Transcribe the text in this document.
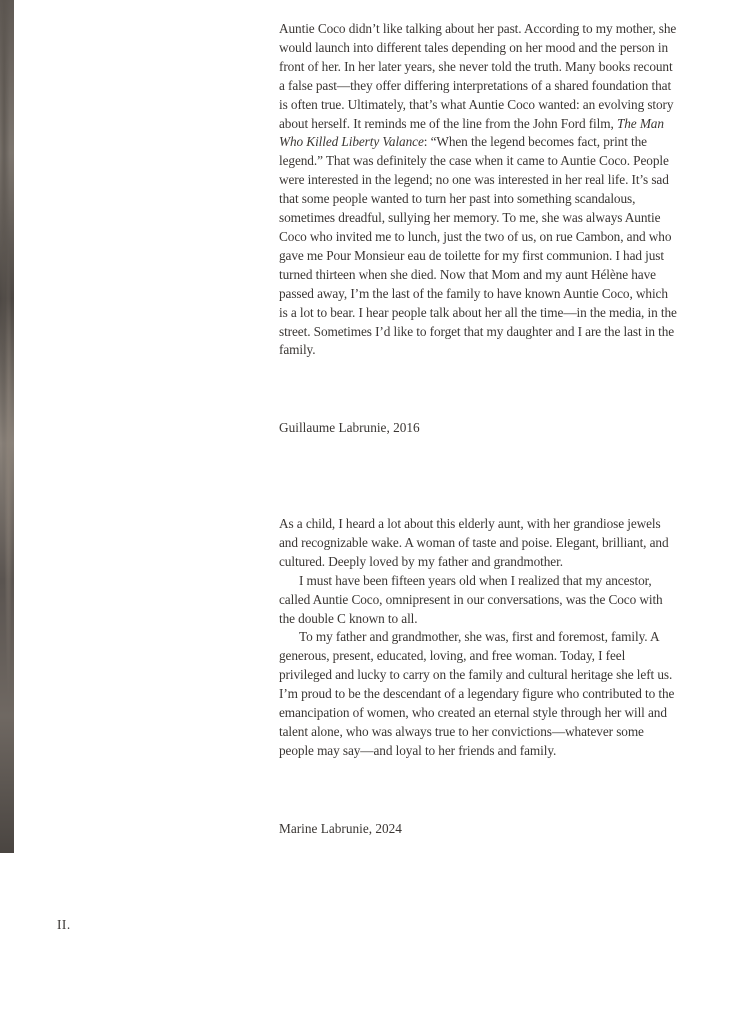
Auntie Coco didn’t like talking about her past. According to my mother, she would launch into different tales depending on her mood and the person in front of her. In her later years, she never told the truth. Many books recount a false past—they offer differing interpretations of a shared foundation that is often true. Ultimately, that’s what Auntie Coco wanted: an evolving story about herself. It reminds me of the line from the John Ford film, The Man Who Killed Liberty Valance: “When the legend becomes fact, print the legend.” That was definitely the case when it came to Auntie Coco. People were interested in the legend; no one was interested in her real life. It’s sad that some people wanted to turn her past into something scandalous, sometimes dreadful, sullying her memory. To me, she was always Auntie Coco who invited me to lunch, just the two of us, on rue Cambon, and who gave me Pour Monsieur eau de toilette for my first communion. I had just turned thirteen when she died. Now that Mom and my aunt Hélène have passed away, I’m the last of the family to have known Auntie Coco, which is a lot to bear. I hear people talk about her all the time—in the media, in the street. Sometimes I’d like to forget that my daughter and I are the last in the family.

Guillaume Labrunie, 2016

As a child, I heard a lot about this elderly aunt, with her grandiose jewels and recognizable wake. A woman of taste and poise. Elegant, brilliant, and cultured. Deeply loved by my father and grandmother.

I must have been fifteen years old when I realized that my ancestor, called Auntie Coco, omnipresent in our conversations, was the Coco with the double C known to all.

To my father and grandmother, she was, first and foremost, family. A generous, present, educated, loving, and free woman. Today, I feel privileged and lucky to carry on the family and cultural heritage she left us. I’m proud to be the descendant of a legendary figure who contributed to the emancipation of women, who created an eternal style through her will and talent alone, who was always true to her convictions—whatever some people may say—and loyal to her friends and family.

Marine Labrunie, 2024
II.
